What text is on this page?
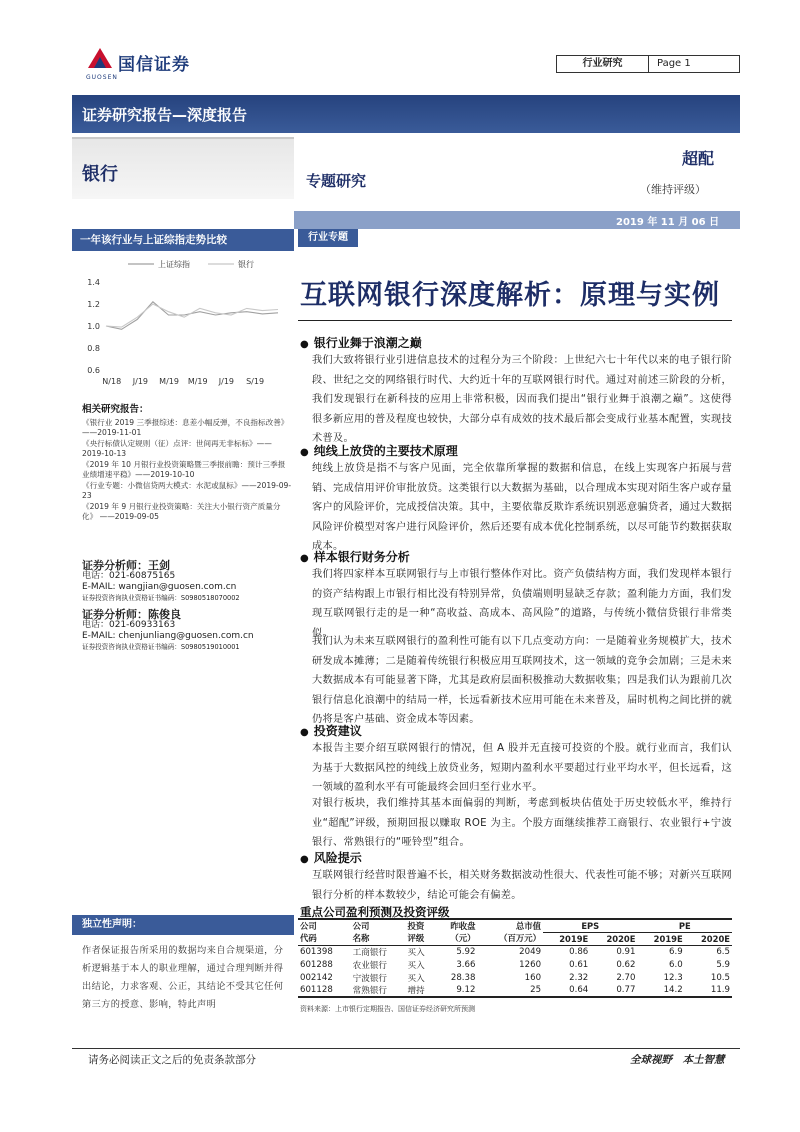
国信证券
GUOSEN
行业研究	Page 1
证券研究报告—深度报告
银行	专题研究
超配
（维持评级）
2019 年 11 月 06 日
一年该行业与上证综指走势比较
上证综指	银行
1.4
1.2
1.0
0.8
0.6
N/18 J/19 M/19 M/19 J/19 S/19
相关研究报告：
《银行业 2019 三季报综述：息差小幅反弹，不良指标改善》 ——2019-11-01
《央行标债认定规则（征）点评：世间再无非标标》——2019-10-13
《2019 年 10 月银行业投资策略暨三季报前瞻：预计三季报业绩增速平稳》——2019-10-10
《行业专题：小微信贷两大模式：水泥或鼠标》——2019-09-23
《2019 年 9 月银行业投资策略：关注大小银行资产质量分化》 ——2019-09-05
证券分析师：王剑
电话：021-60875165
E-MAIL: wangjian@guosen.com.cn
证券投资咨询执业资格证书编码：S0980518070002
证券分析师：陈俊良
电话：021-60933163
E-MAIL: chenjunliang@guosen.com.cn
证券投资咨询执业资格证书编码：S0980519010001
独立性声明：
作者保证报告所采用的数据均来自合规渠道，分析逻辑基于本人的职业理解，通过合理判断并得出结论，力求客观、公正，其结论不受其它任何第三方的授意、影响，特此声明
行业专题
互联网银行深度解析：原理与实例
● 银行业舞于浪潮之巅
我们大致将银行业引进信息技术的过程分为三个阶段：上世纪六七十年代以来的电子银行阶段、世纪之交的网络银行时代、大约近十年的互联网银行时代。通过对前述三阶段的分析，我们发现银行在新科技的应用上非常积极，因而我们提出“银行业舞于浪潮之巅”。这使得很多新应用的普及程度也较快，大部分卓有成效的技术最后都会变成行业基本配置，实现技术普及。
● 纯线上放贷的主要技术原理
纯线上放贷是指不与客户见面，完全依靠所掌握的数据和信息，在线上实现客户拓展与营销、完成信用评价审批放贷。这类银行以大数据为基础，以合理成本实现对陌生客户或存量客户的风险评价，完成授信决策。其中，主要依靠反欺诈系统识别恶意骗贷者，通过大数据风险评价模型对客户进行风险评价，然后还要有成本优化控制系统，以尽可能节约数据获取成本。
● 样本银行财务分析
我们将四家样本互联网银行与上市银行整体作对比。资产负债结构方面，我们发现样本银行的资产结构跟上市银行相比没有特别异常，负债端则明显缺乏存款；盈利能力方面，我们发现互联网银行走的是一种“高收益、高成本、高风险”的道路，与传统小微信贷银行非常类似。
我们认为未来互联网银行的盈利性可能有以下几点变动方向：一是随着业务规模扩大，技术研发成本摊薄；二是随着传统银行积极应用互联网技术，这一领域的竞争会加剧；三是未来大数据成本有可能显著下降，尤其是政府层面积极推动大数据收集；四是我们认为跟前几次银行信息化浪潮中的结局一样，长远看新技术应用可能在未来普及，届时机构之间比拼的就仍将是客户基础、资金成本等因素。
● 投资建议
本报告主要介绍互联网银行的情况，但 A 股并无直接可投资的个股。就行业而言，我们认为基于大数据风控的纯线上放贷业务，短期内盈利水平要超过行业平均水平，但长远看，这一领域的盈利水平有可能最终会回归至行业水平。
对银行板块，我们维持其基本面偏弱的判断，考虑到板块估值处于历史较低水平，维持行业“超配”评级，预期回报以赚取 ROE 为主。个股方面继续推荐工商银行、农业银行+宁波银行、常熟银行的“哑铃型”组合。
● 风险提示
互联网银行经营时限普遍不长，相关财务数据波动性很大、代表性可能不够；对新兴互联网银行分析的样本数较少，结论可能会有偏差。
重点公司盈利预测及投资评级
公司	公司	投资	昨收盘	总市值	EPS		PE	
代码	名称	评级	（元）	（百万元）	2019E	2020E	2019E	2020E
601398	工商银行	买入	5.92	2049	0.86	0.91	6.9	6.5
601288	农业银行	买入	3.66	1260	0.61	0.62	6.0	5.9
002142	宁波银行	买入	28.38	160	2.32	2.70	12.3	10.5
601128	常熟银行	增持	9.12	25	0.64	0.77	14.2	11.9
资料来源：上市银行定期报告、国信证券经济研究所预测
请务必阅读正文之后的免责条款部分	全球视野　本土智慧
